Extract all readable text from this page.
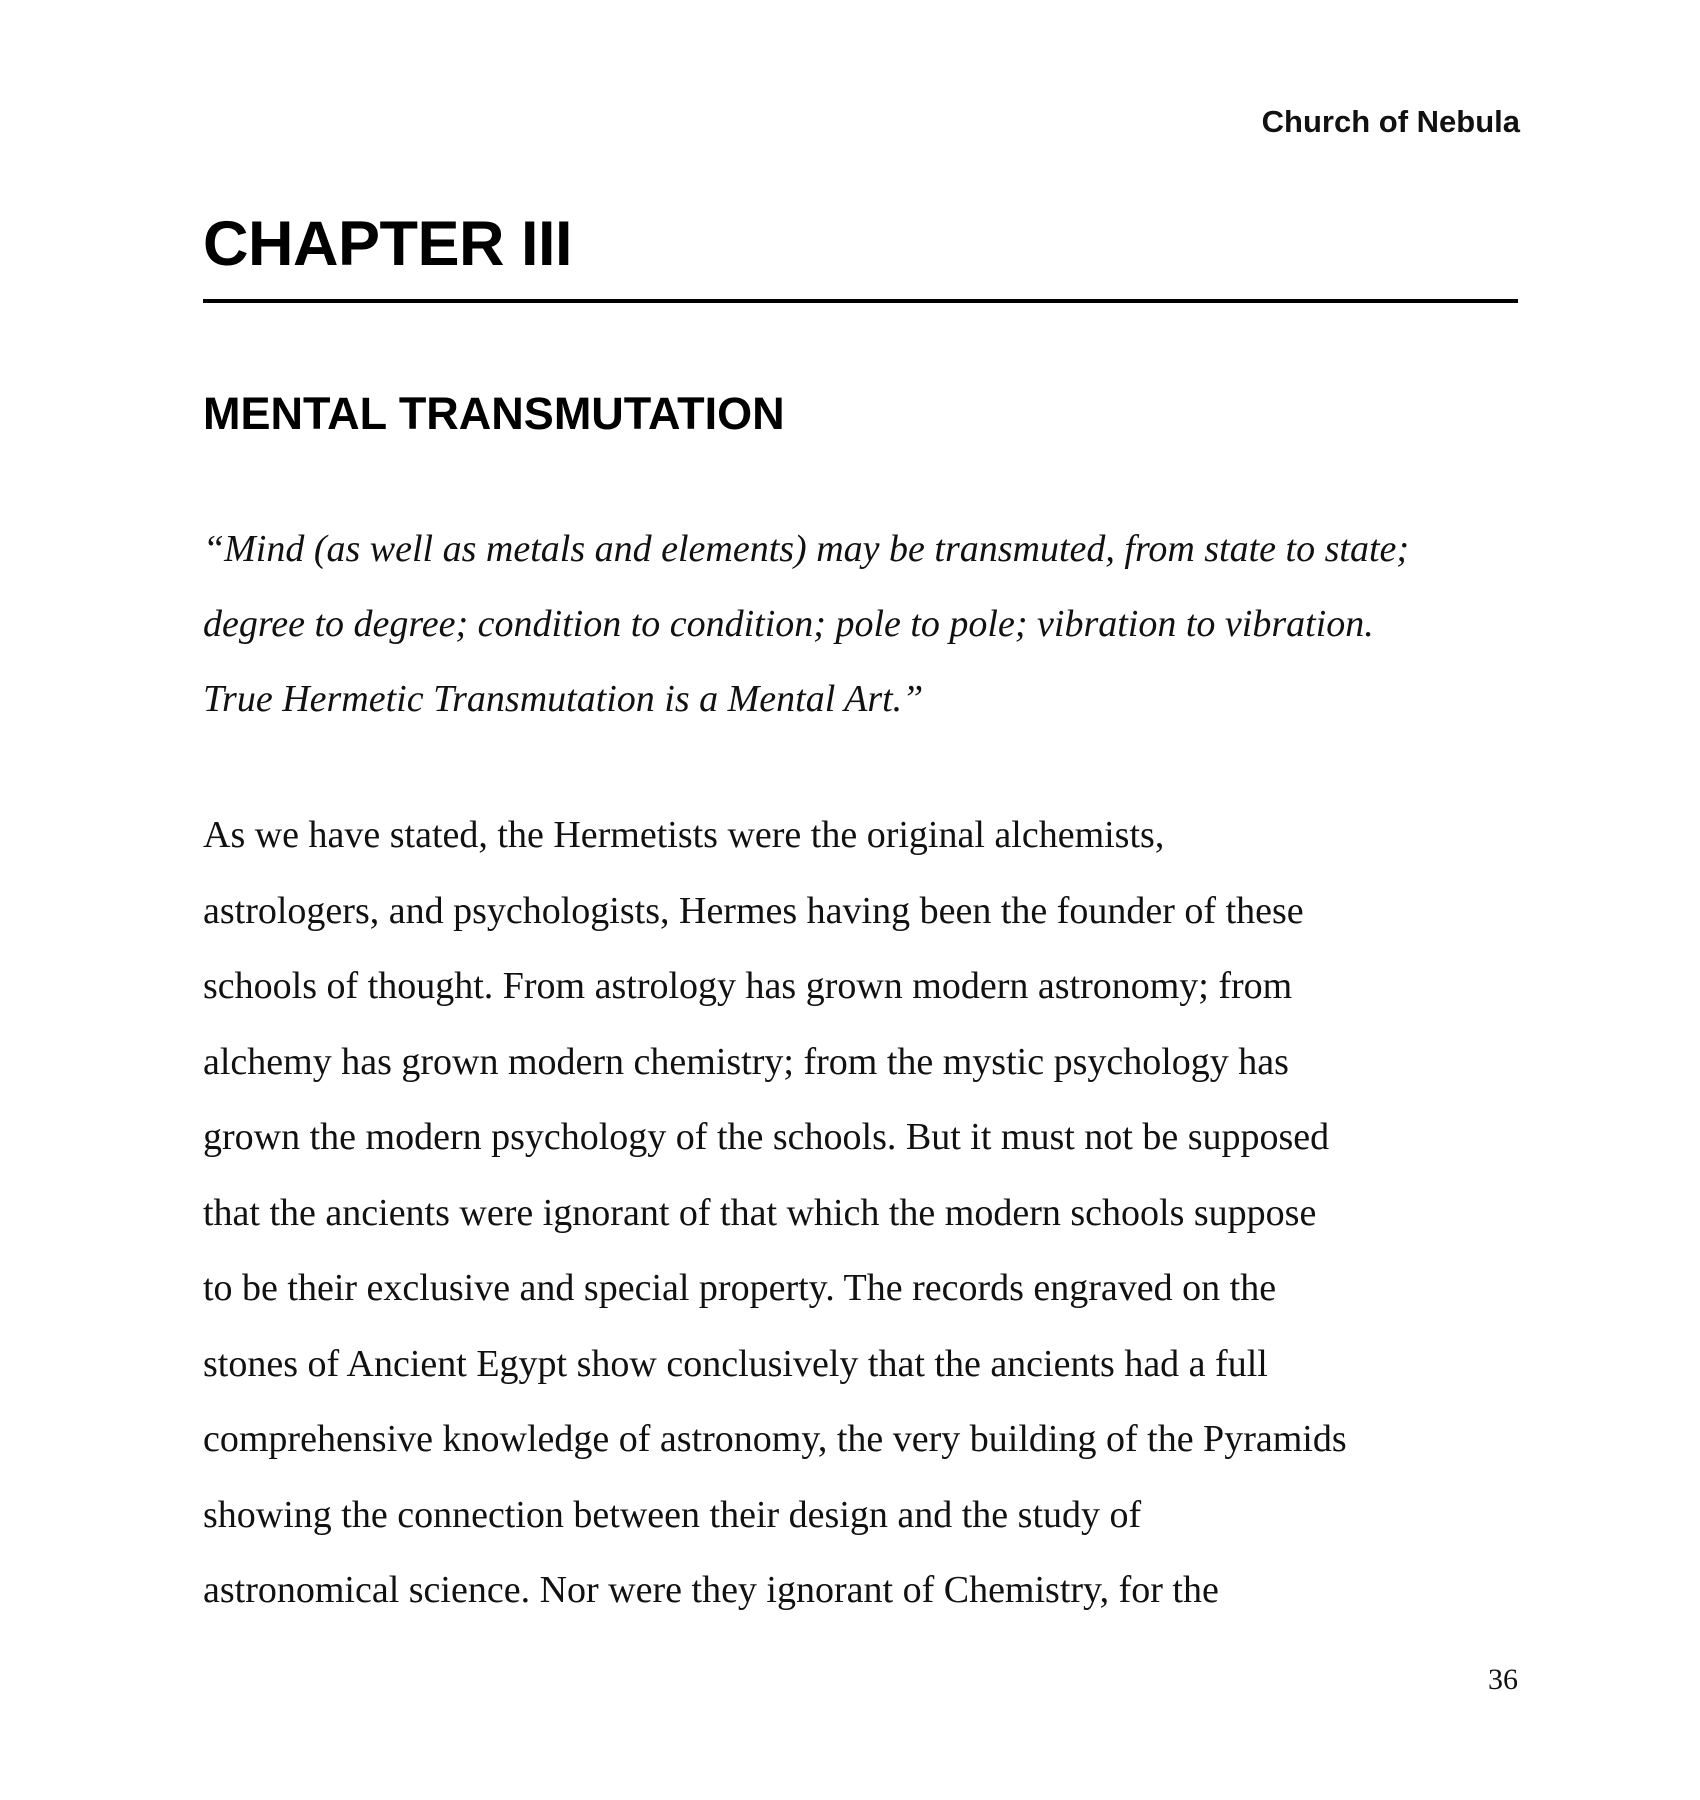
Church of Nebula
CHAPTER III
MENTAL TRANSMUTATION

“Mind (as well as metals and elements) may be transmuted, from state to state;
degree to degree; condition to condition; pole to pole; vibration to vibration.
True Hermetic Transmutation is a Mental Art.”

As we have stated, the Hermetists were the original alchemists,
astrologers, and psychologists, Hermes having been the founder of these
schools of thought. From astrology has grown modern astronomy; from
alchemy has grown modern chemistry; from the mystic psychology has
grown the modern psychology of the schools. But it must not be supposed
that the ancients were ignorant of that which the modern schools suppose
to be their exclusive and special property. The records engraved on the
stones of Ancient Egypt show conclusively that the ancients had a full
comprehensive knowledge of astronomy, the very building of the Pyramids
showing the connection between their design and the study of
astronomical science. Nor were they ignorant of Chemistry, for the

36
